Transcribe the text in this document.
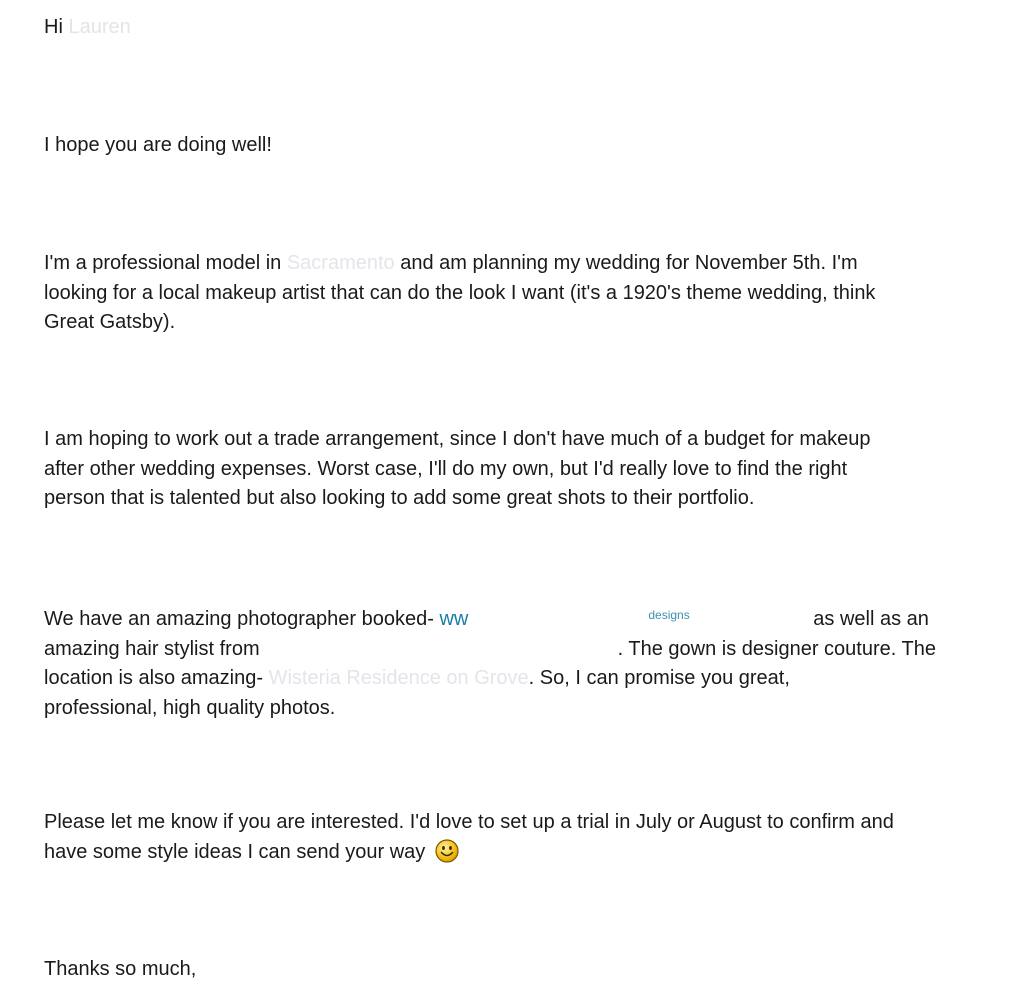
Hi Lauren
I hope you are doing well!
I'm a professional model in Sacramento and am planning my wedding for November 5th. I'm
looking for a local makeup artist that can do the look I want (it's a 1920's theme wedding, think
Great Gatsby).
I am hoping to work out a trade arrangement, since I don't have much of a budget for makeup
after other wedding expenses. Worst case, I'll do my own, but I'd really love to find the right
person that is talented but also looking to add some great shots to their portfolio.
We have an amazing photographer booked- ww	$^{designs}$	as well as an
amazing hair stylist from	. The gown is designer couture. The
location is also amazing- Wisteria Residence on Grove. So, I can promise you great,
professional, high quality photos.
Please let me know if you are interested. I'd love to set up a trial in July or August to confirm and
have some style ideas I can send your way
Thanks so much,
